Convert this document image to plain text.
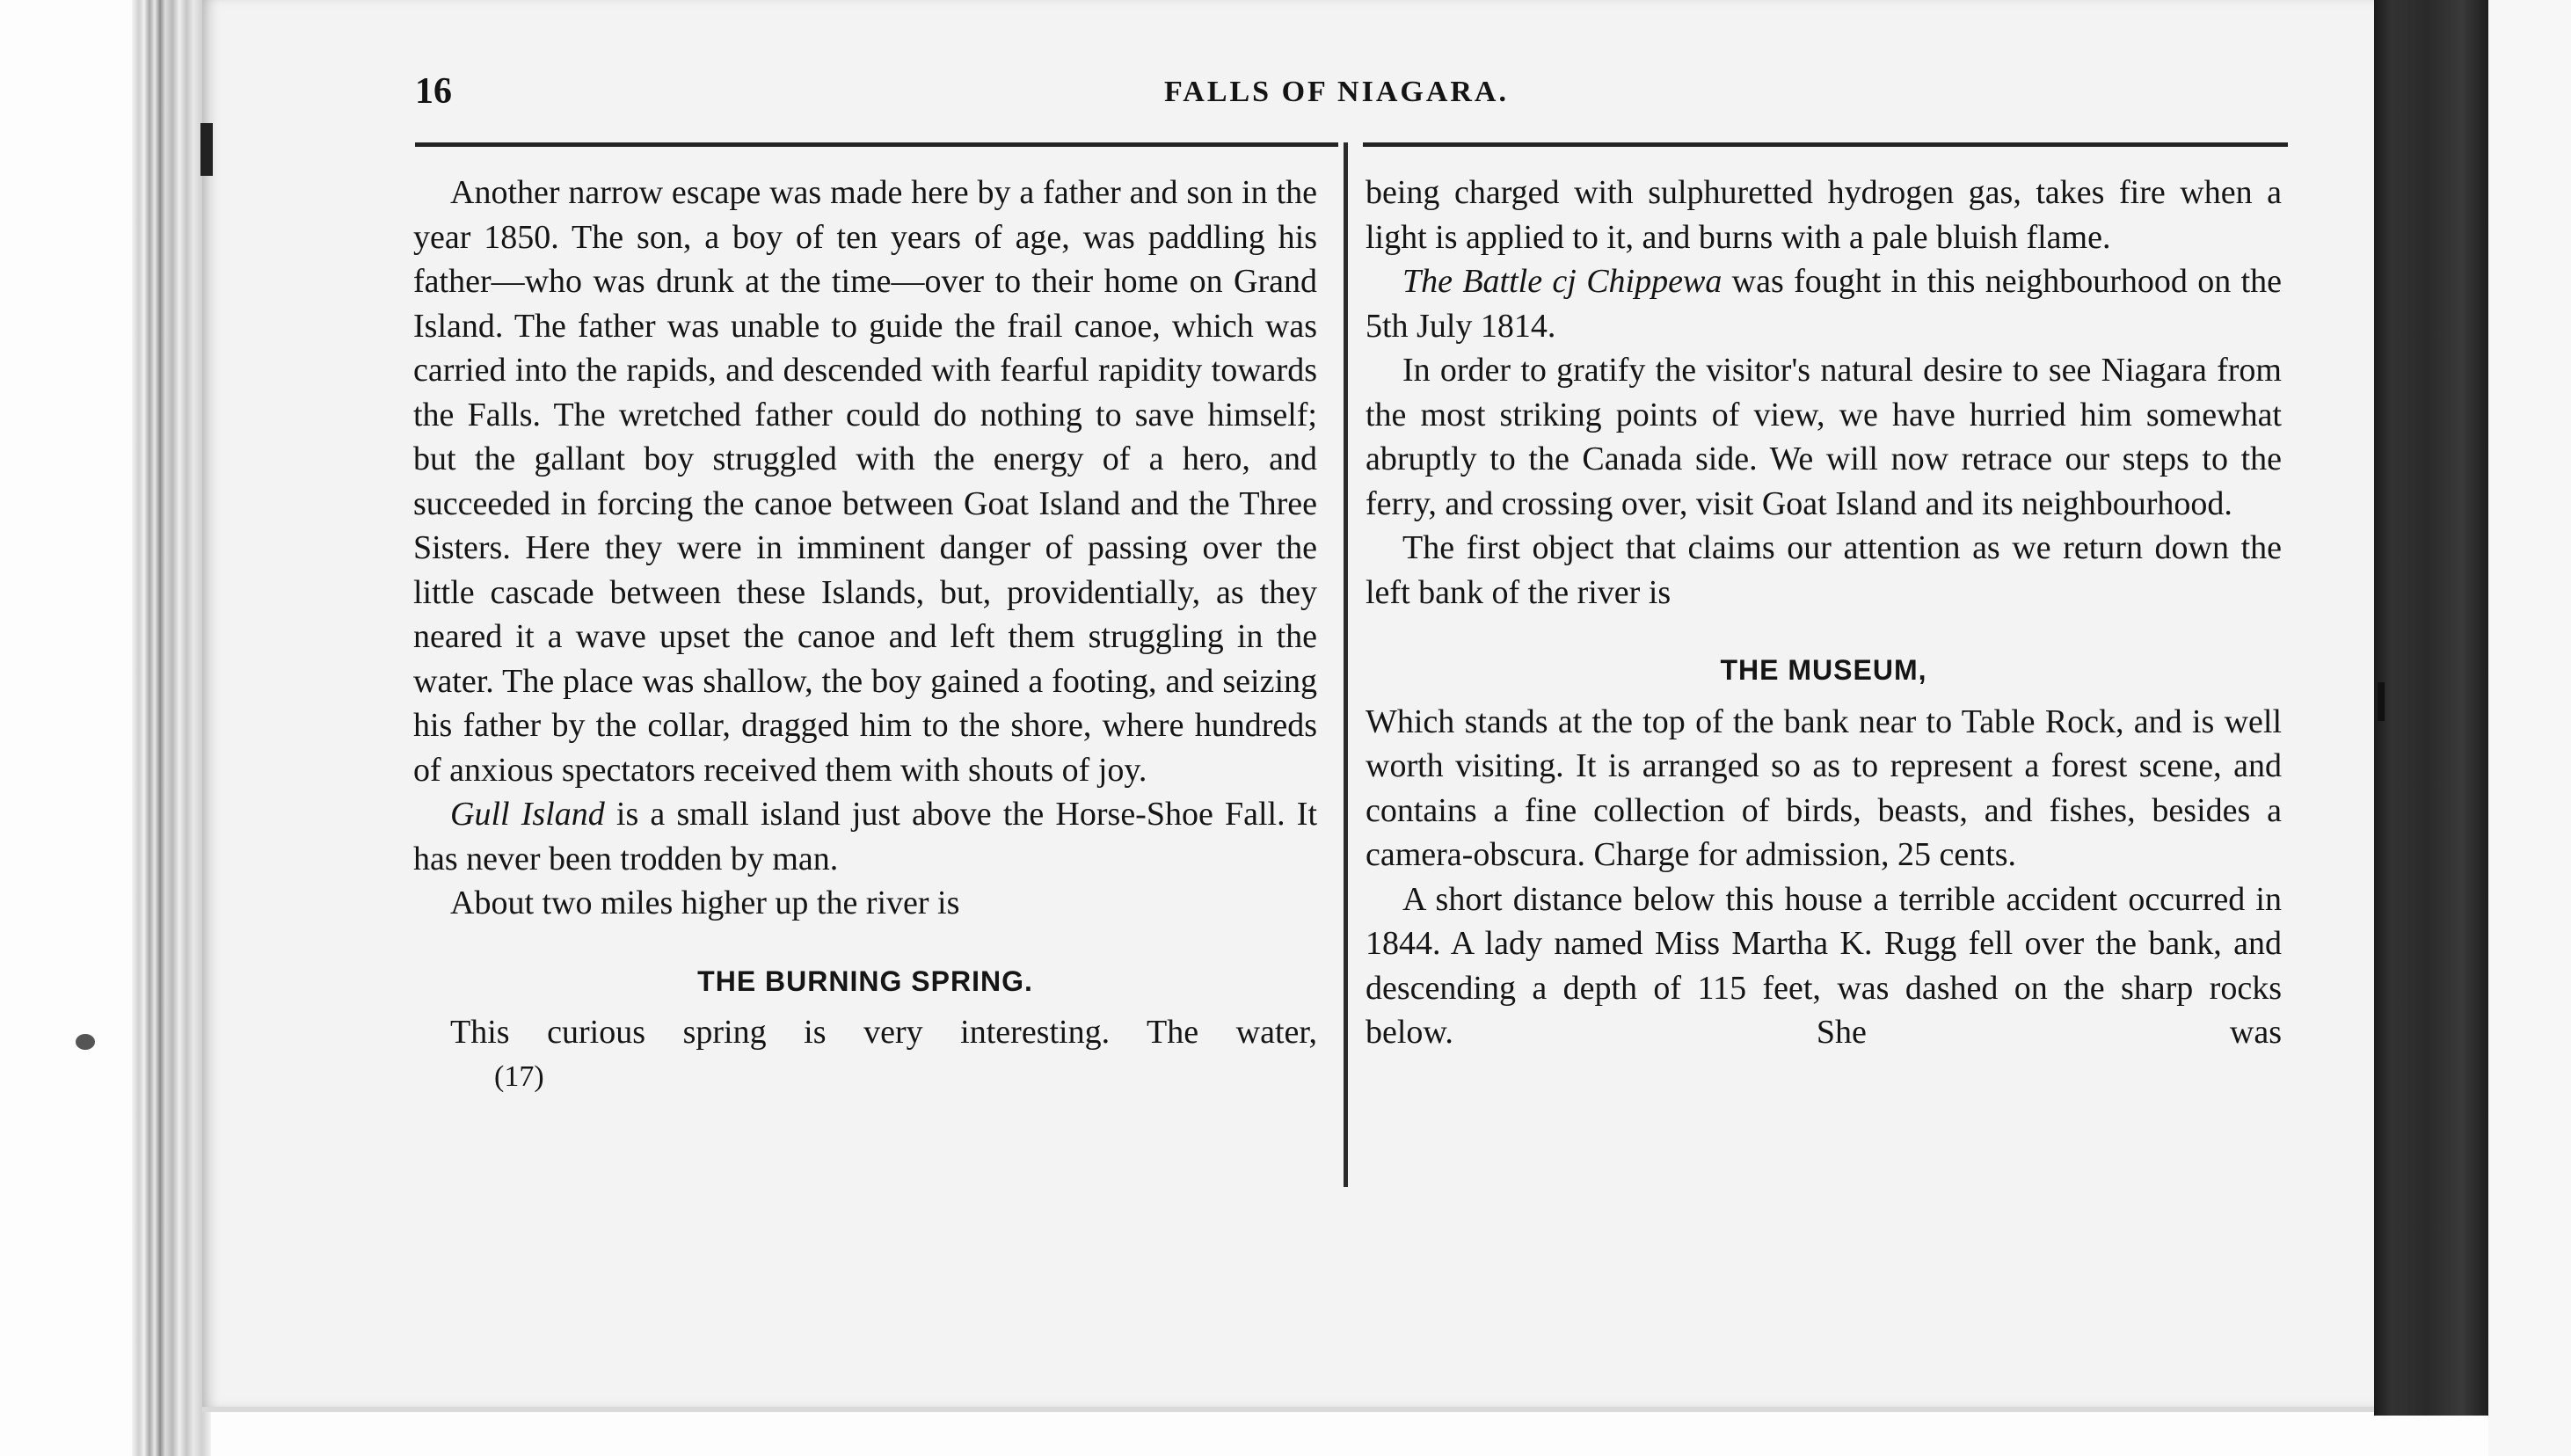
16	FALLS OF NIAGARA.

Another narrow escape was made here by a father and son in the year 1850. The son, a boy of ten years of age, was paddling his father—who was drunk at the time—over to their home on Grand Island. The father was unable to guide the frail canoe, which was carried into the rapids, and descended with fearful rapidity towards the Falls. The wretched father could do nothing to save himself; but the gallant boy struggled with the energy of a hero, and succeeded in forcing the canoe between Goat Island and the Three Sisters. Here they were in imminent danger of passing over the little cascade between these Islands, but, providentially, as they neared it a wave upset the canoe and left them struggling in the water. The place was shallow, the boy gained a footing, and seizing his father by the collar, dragged him to the shore, where hundreds of anxious spectators received them with shouts of joy.

Gull Island is a small island just above the Horse-Shoe Fall. It has never been trodden by man.

About two miles higher up the river is

THE BURNING SPRING.

This curious spring is very interesting. The water,

(17)

being charged with sulphuretted hydrogen gas, takes fire when a light is applied to it, and burns with a pale bluish flame.

The Battle cj Chippewa was fought in this neighbourhood on the 5th July 1814.

In order to gratify the visitor's natural desire to see Niagara from the most striking points of view, we have hurried him somewhat abruptly to the Canada side. We will now retrace our steps to the ferry, and crossing over, visit Goat Island and its neighbourhood.

The first object that claims our attention as we return down the left bank of the river is

THE MUSEUM,

Which stands at the top of the bank near to Table Rock, and is well worth visiting. It is arranged so as to represent a forest scene, and contains a fine collection of birds, beasts, and fishes, besides a camera-obscura. Charge for admission, 25 cents.

A short distance below this house a terrible accident occurred in 1844. A lady named Miss Martha K. Rugg fell over the bank, and descending a depth of 115 feet, was dashed on the sharp rocks below. She was
